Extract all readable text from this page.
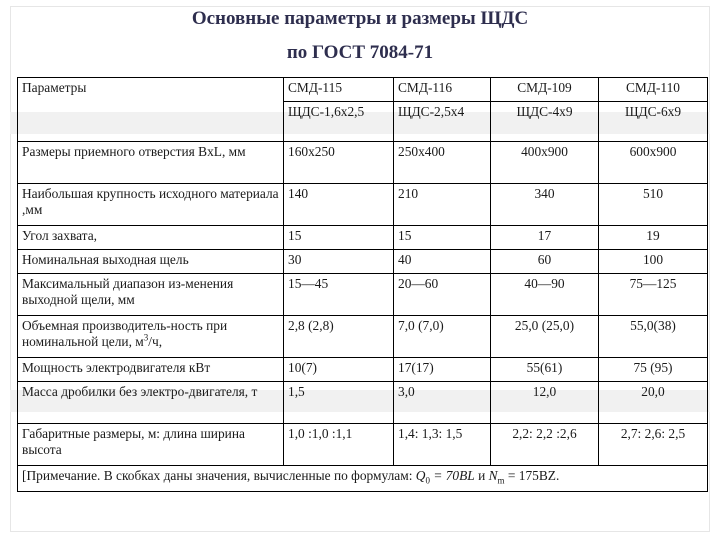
Основные параметры и размеры ЩДС
по ГОСТ 7084-71
Параметры	СМД-115	СМД-116	СМД-109	СМД-110
	ЩДС-1,6х2,5	ЩДС-2,5х4	ЩДС-4х9	ЩДС-6х9
Размеры приемного отверстия BxL, мм	160х250	250х400	400х900	600х900
Наибольшая крупность исходного материала ,мм	140	210	340	510
Угол захвата,	15	15	17	19
Номинальная выходная щель	30	40	60	100
Максимальный диапазон из-менения выходной щели, мм	15—45	20—60	40—90	75—125
Объемная производитель-ность при номинальной цели, $м^3/ч$,	2,8 (2,8)	7,0 (7,0)	25,0 (25,0)	55,0(38)
Мощность электродвигателя кВт	10(7)	17(17)	55(61)	75 (95)
Масса дробилки без электро-двигателя, т	1,5	3,0	12,0	20,0
Габаритные размеры, м: длина ширина высота	1,0 :1,0 :1,1	1,4: 1,3: 1,5	2,2: 2,2 :2,6	2,7: 2,6: 2,5
[Примечание. В скобках даны значения, вычисленные по формулам: $Q_0 = 70BL$ и $N_m = 175BZ$.				
